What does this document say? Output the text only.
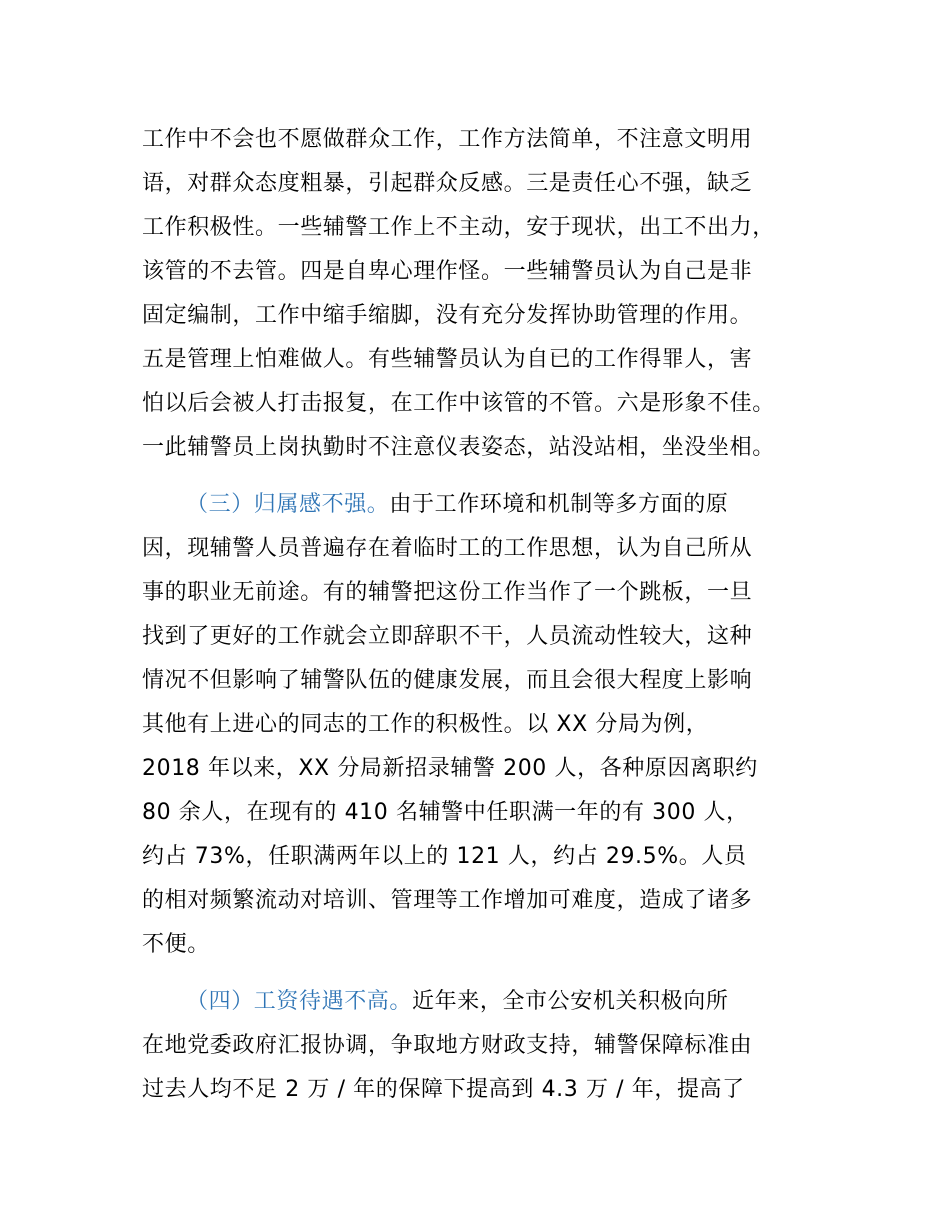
工作中不会也不愿做群众工作，工作方法简单，不注意文明用
语，对群众态度粗暴，引起群众反感。三是责任心不强，缺乏
工作积极性。一些辅警工作上不主动，安于现状，出工不出力，
该管的不去管。四是自卑心理作怪。一些辅警员认为自己是非
固定编制，工作中缩手缩脚，没有充分发挥协助管理的作用。
五是管理上怕难做人。有些辅警员认为自已的工作得罪人，害
怕以后会被人打击报复，在工作中该管的不管。六是形象不佳。
一此辅警员上岗执勤时不注意仪表姿态，站没站相，坐没坐相。
（三）归属感不强。由于工作环境和机制等多方面的原
因，现辅警人员普遍存在着临时工的工作思想，认为自己所从
事的职业无前途。有的辅警把这份工作当作了一个跳板，一旦
找到了更好的工作就会立即辞职不干，人员流动性较大，这种
情况不但影响了辅警队伍的健康发展，而且会很大程度上影响
其他有上进心的同志的工作的积极性。以 XX 分局为例，
2018 年以来，XX 分局新招录辅警 200 人，各种原因离职约
80 余人，在现有的 410 名辅警中任职满一年的有 300 人，
约占 73%，任职满两年以上的 121 人，约占 29.5%。人员
的相对频繁流动对培训、管理等工作增加可难度，造成了诸多
不便。
（四）工资待遇不高。近年来，全市公安机关积极向所
在地党委政府汇报协调，争取地方财政支持，辅警保障标准由
过去人均不足 2 万 / 年的保障下提高到 4.3 万 / 年，提高了
